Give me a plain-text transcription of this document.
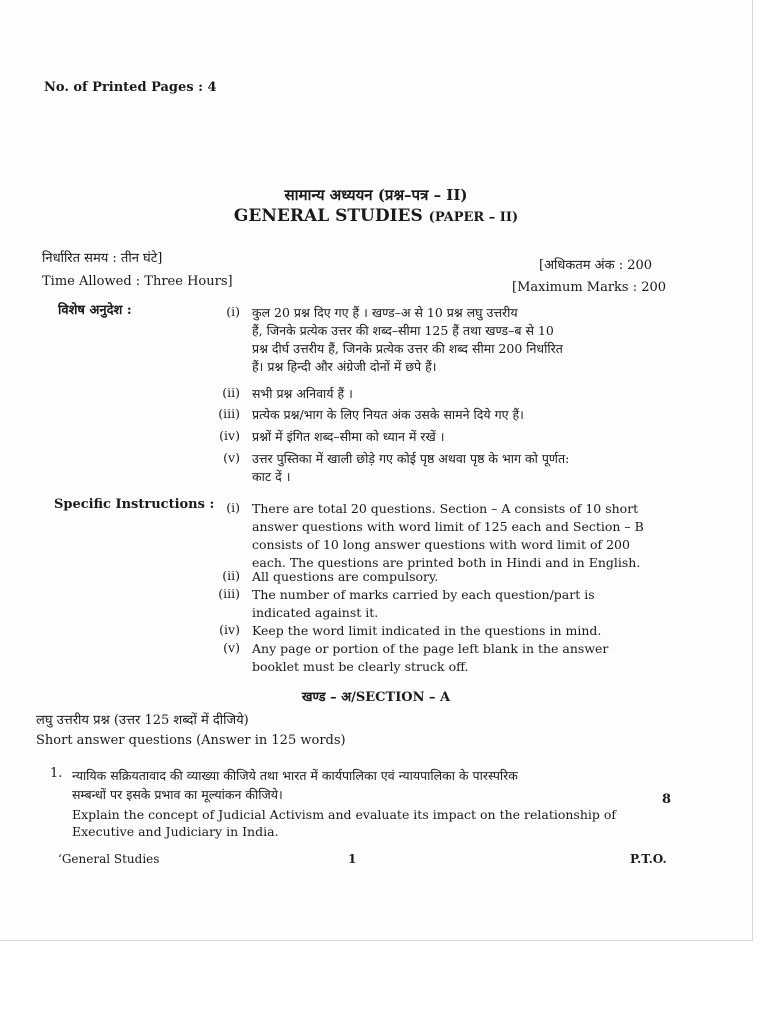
No. of Printed Pages : 4
सामान्य अध्ययन (प्रश्न–पत्र – II)
GENERAL STUDIES (PAPER – II)
निर्धारित समय : तीन घंटे]	[अधिकतम अंक : 200
Time Allowed : Three Hours]	[Maximum Marks : 200
विशेष अनुदेश :	(i) कुल 20 प्रश्न दिए गए हैं । खण्ड–अ से 10 प्रश्न लघु उत्तरीय
हैं, जिनके प्रत्येक उत्तर की शब्द–सीमा 125 हैं तथा खण्ड–ब से 10
प्रश्न दीर्घ उत्तरीय हैं, जिनके प्रत्येक उत्तर की शब्द सीमा 200 निर्धारित
हैं। प्रश्न हिन्दी और अंग्रेजी दोनों में छपे हैं।
(ii) सभी प्रश्न अनिवार्य हैं ।
(iii) प्रत्येक प्रश्न/भाग के लिए नियत अंक उसके सामने दिये गए हैं।
(iv) प्रश्नों में इंगित शब्द–सीमा को ध्यान में रखें ।
(v) उत्तर पुस्तिका में खाली छोड़े गए कोई पृष्ठ अथवा पृष्ठ के भाग को पूर्णत:
काट दें ।
Specific Instructions : (i) There are total 20 questions. Section – A consists of 10 short
answer questions with word limit of 125 each and Section – B
consists of 10 long answer questions with word limit of 200
each. The questions are printed both in Hindi and in English.
(ii) All questions are compulsory.
(iii) The number of marks carried by each question/part is
indicated against it.
(iv) Keep the word limit indicated in the questions in mind.
(v) Any page or portion of the page left blank in the answer
booklet must be clearly struck off.
खण्ड – अ/SECTION – A
लघु उत्तरीय प्रश्न (उत्तर 125 शब्दों में दीजिये)
Short answer questions (Answer in 125 words)
1. न्यायिक सक्रियतावाद की व्याख्या कीजिये तथा भारत में कार्यपालिका एवं न्यायपालिका के पारस्परिक
सम्बन्धों पर इसके प्रभाव का मूल्यांकन कीजिये।	8
Explain the concept of Judicial Activism and evaluate its impact on the relationship of
Executive and Judiciary in India.
‘General Studies	1	P.T.O.
